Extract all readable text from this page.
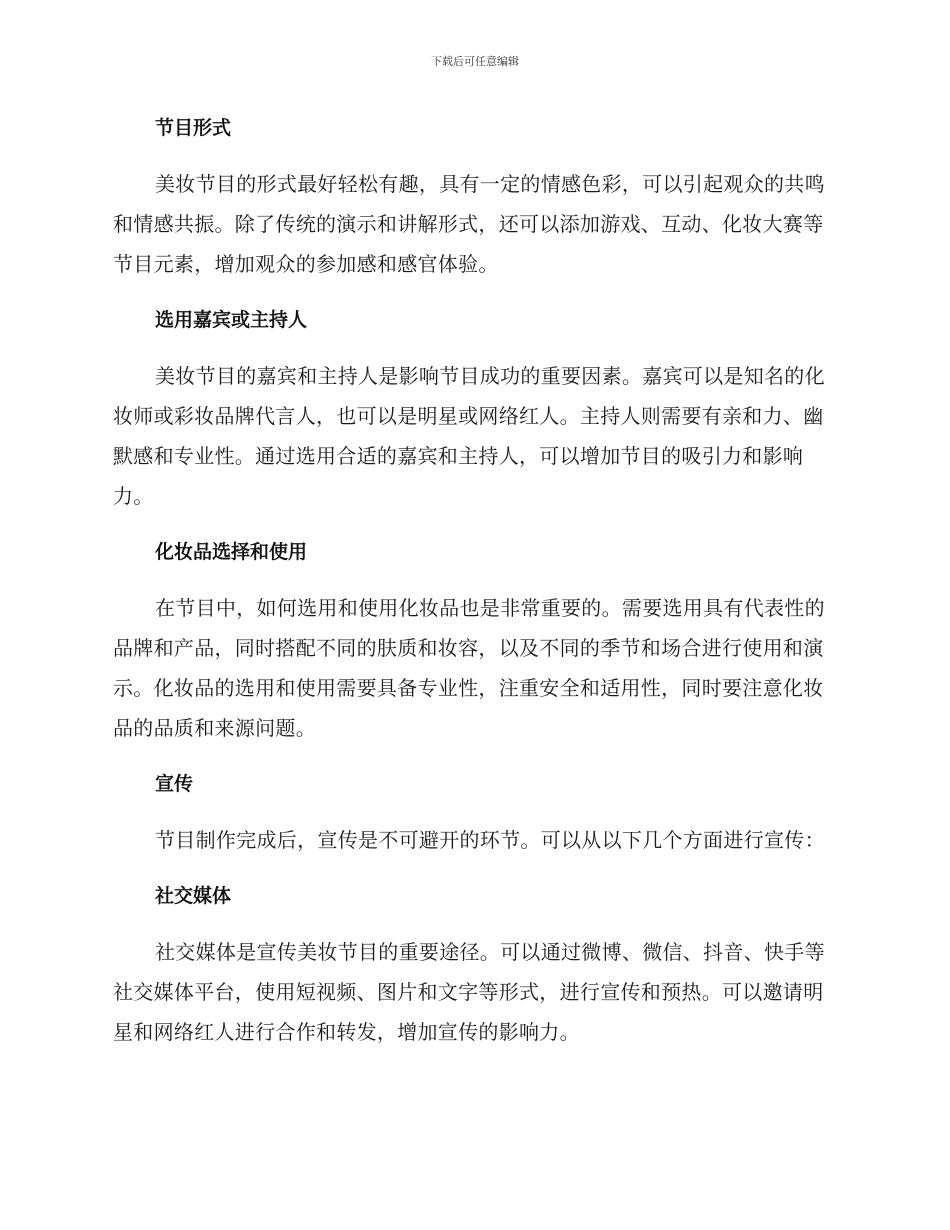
下载后可任意编辑
节目形式

美妆节目的形式最好轻松有趣，具有一定的情感色彩，可以引起观众的共鸣和情感共振。除了传统的演示和讲解形式，还可以添加游戏、互动、化妆大赛等节目元素，增加观众的参加感和感官体验。

选用嘉宾或主持人

美妆节目的嘉宾和主持人是影响节目成功的重要因素。嘉宾可以是知名的化妆师或彩妆品牌代言人，也可以是明星或网络红人。主持人则需要有亲和力、幽默感和专业性。通过选用合适的嘉宾和主持人，可以增加节目的吸引力和影响力。

化妆品选择和使用

在节目中，如何选用和使用化妆品也是非常重要的。需要选用具有代表性的品牌和产品，同时搭配不同的肤质和妆容，以及不同的季节和场合进行使用和演示。化妆品的选用和使用需要具备专业性，注重安全和适用性，同时要注意化妆品的品质和来源问题。

宣传

节目制作完成后，宣传是不可避开的环节。可以从以下几个方面进行宣传：

社交媒体

社交媒体是宣传美妆节目的重要途径。可以通过微博、微信、抖音、快手等社交媒体平台，使用短视频、图片和文字等形式，进行宣传和预热。可以邀请明星和网络红人进行合作和转发，增加宣传的影响力。
